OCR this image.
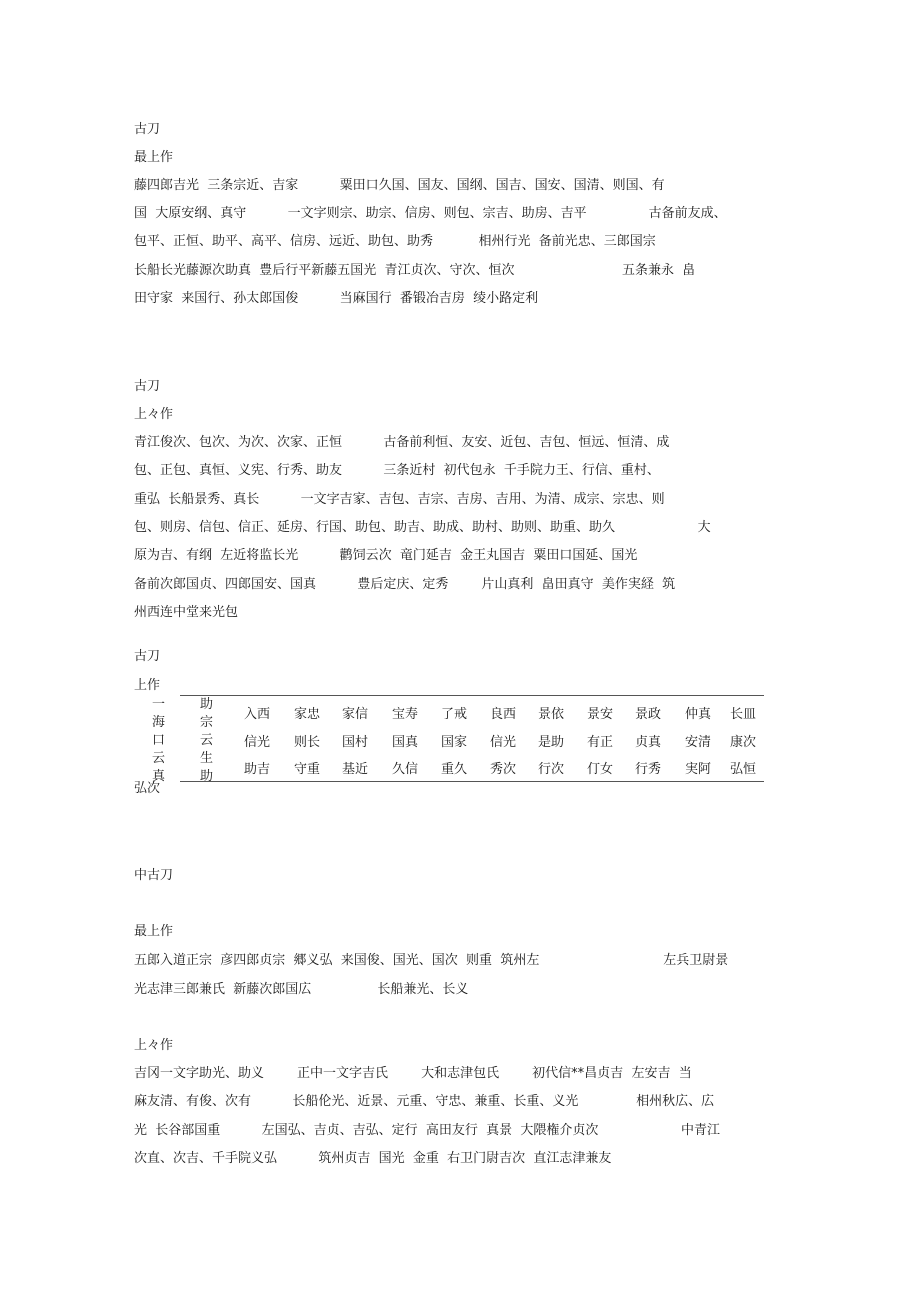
古刀
最上作
藤四郎吉光  三条宗近、吉家          粟田口久国、国友、国纲、国吉、国安、国清、则国、有
国  大原安纲、真守          一文字则宗、助宗、信房、则包、宗吉、助房、吉平               古备前友成、
包平、正恒、助平、高平、信房、远近、助包、助秀           相州行光  备前光忠、三郎国宗
长船长光藤源次助真  豊后行平新藤五国光  青江贞次、守次、恒次                          五条兼永  畠
田守家  来国行、孙太郎国俊          当麻国行  番锻冶吉房  绫小路定利
古刀
上々作
青江俊次、包次、为次、次家、正恒          古备前利恒、友安、近包、吉包、恒远、恒清、成
包、正包、真恒、义宪、行秀、助友          三条近村  初代包永  千手院力王、行信、重村、
重弘  长船景秀、真长          一文字吉家、吉包、吉宗、吉房、吉用、为清、成宗、宗忠、则
包、则房、信包、信正、延房、行国、助包、助吉、助成、助村、助则、助重、助久                    大
原为吉、有纲  左近将监长光          鹳饲云次  竜门延吉  金王丸国吉  粟田口国延、国光
备前次郎国贞、四郎国安、国真          豊后定庆、定秀        片山真利  畠田真守  美作実経  筑
州西连中堂来光包
古刀
上作
一海口云真
助宗云生助
入西 家忠 家信 宝寿 了戒 良西 景依 景安 景政 仲真 长皿
信光 则长 国村 国真 国家 信光 是助 有正 贞真 安清 康次
助吉 守重 基近 久信 重久 秀次 行次 仃女 行秀 実阿 弘恒
弘次
中古刀
最上作
五郎入道正宗  彦四郎贞宗  郷义弘  来国俊、国光、国次  则重  筑州左                              左兵卫尉景
光志津三郎兼氏  新藤次郎国広                长船兼光、长义
上々作
吉冈一文字助光、助义        正中一文字吉氏        大和志津包氏        初代信**昌贞吉  左安吉  当
麻友清、有俊、次有          长船伦光、近景、元重、守忠、兼重、长重、义光              相州秋広、広
光  长谷部国重          左国弘、吉贞、吉弘、定行  高田友行  真景  大隈権介贞次                    中青江
次直、次吉、千手院义弘          筑州贞吉  国光  金重  右卫门尉吉次  直江志津兼友
